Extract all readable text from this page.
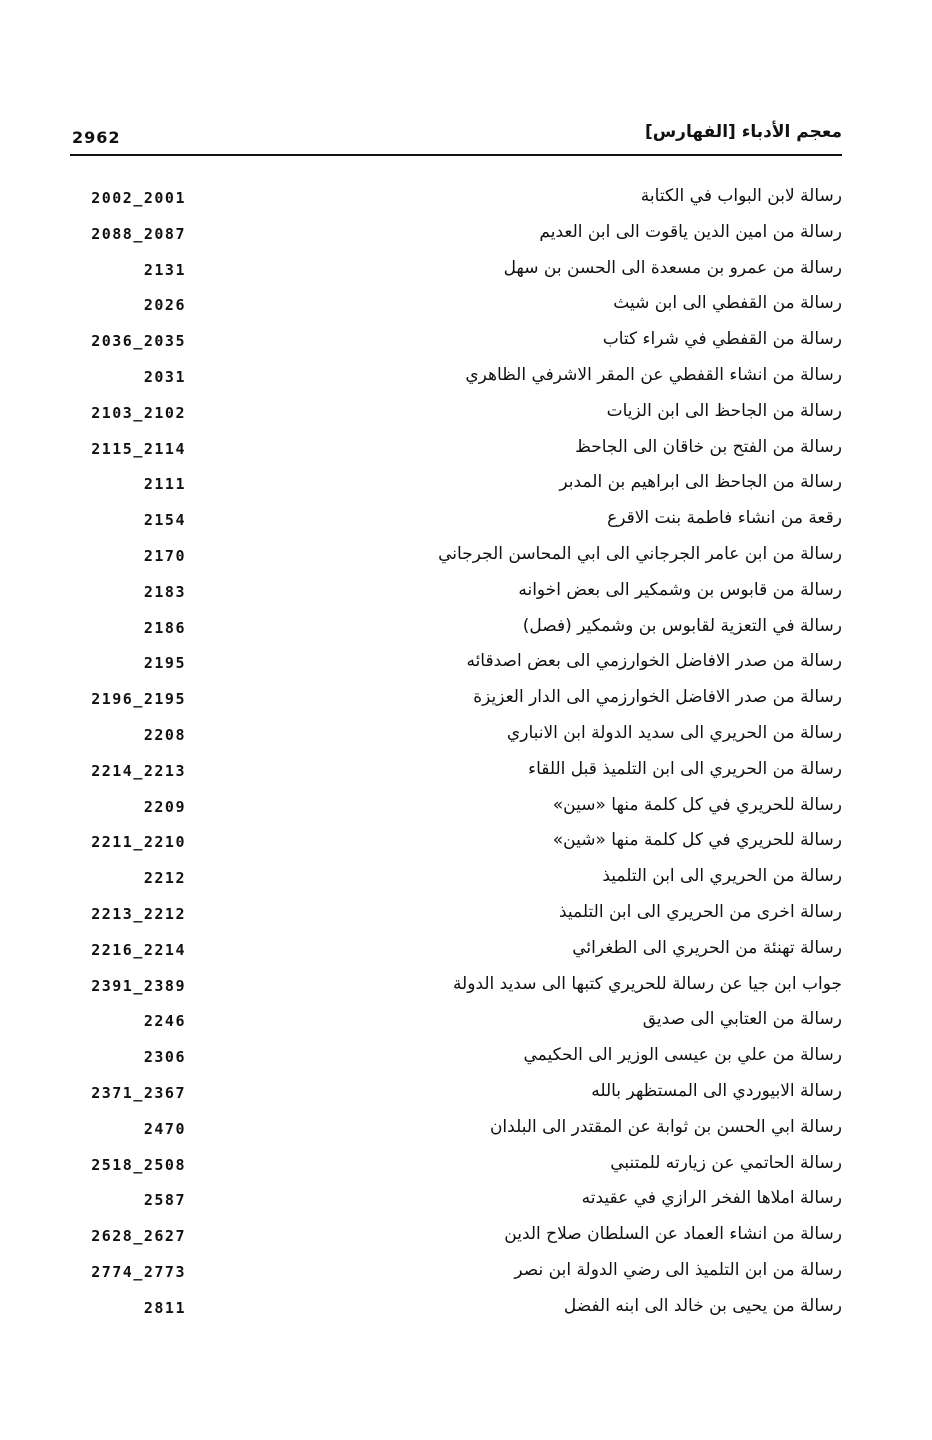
معجم الأدباء [الفهارس]
2962
رسالة لابن البواب في الكتابة
2002_2001
رسالة من امين الدين ياقوت الى ابن العديم
2088_2087
رسالة من عمرو بن مسعدة الى الحسن بن سهل
2131
رسالة من القفطي الى ابن شيث
2026
رسالة من القفطي في شراء كتاب
2036_2035
رسالة من انشاء القفطي عن المقر الاشرفي الظاهري
2031
رسالة من الجاحظ الى ابن الزيات
2103_2102
رسالة من الفتح بن خاقان الى الجاحظ
2115_2114
رسالة من الجاحظ الى ابراهيم بن المدبر
2111
رقعة من انشاء فاطمة بنت الاقرع
2154
رسالة من ابن عامر الجرجاني الى ابي المحاسن الجرجاني
2170
رسالة من قابوس بن وشمكير الى بعض اخوانه
2183
رسالة في التعزية لقابوس بن وشمكير (فصل)
2186
رسالة من صدر الافاضل الخوارزمي الى بعض اصدقائه
2195
رسالة من صدر الافاضل الخوارزمي الى الدار العزيزة
2196_2195
رسالة من الحريري الى سديد الدولة ابن الانباري
2208
رسالة من الحريري الى ابن التلميذ قبل اللقاء
2214_2213
رسالة للحريري في كل كلمة منها «سين»
2209
رسالة للحريري في كل كلمة منها «شين»
2211_2210
رسالة من الحريري الى ابن التلميذ
2212
رسالة اخرى من الحريري الى ابن التلميذ
2213_2212
رسالة تهنئة من الحريري الى الطغرائي
2216_2214
جواب ابن جيا عن رسالة للحريري كتبها الى سديد الدولة
2391_2389
رسالة من العتابي الى صديق
2246
رسالة من علي بن عيسى الوزير الى الحكيمي
2306
رسالة الابيوردي الى المستظهر بالله
2371_2367
رسالة ابي الحسن بن ثوابة عن المقتدر الى البلدان
2470
رسالة الحاتمي عن زيارته للمتنبي
2518_2508
رسالة املاها الفخر الرازي في عقيدته
2587
رسالة من انشاء العماد عن السلطان صلاح الدين
2628_2627
رسالة من ابن التلميذ الى رضي الدولة ابن نصر
2774_2773
رسالة من يحيى بن خالد الى ابنه الفضل
2811
